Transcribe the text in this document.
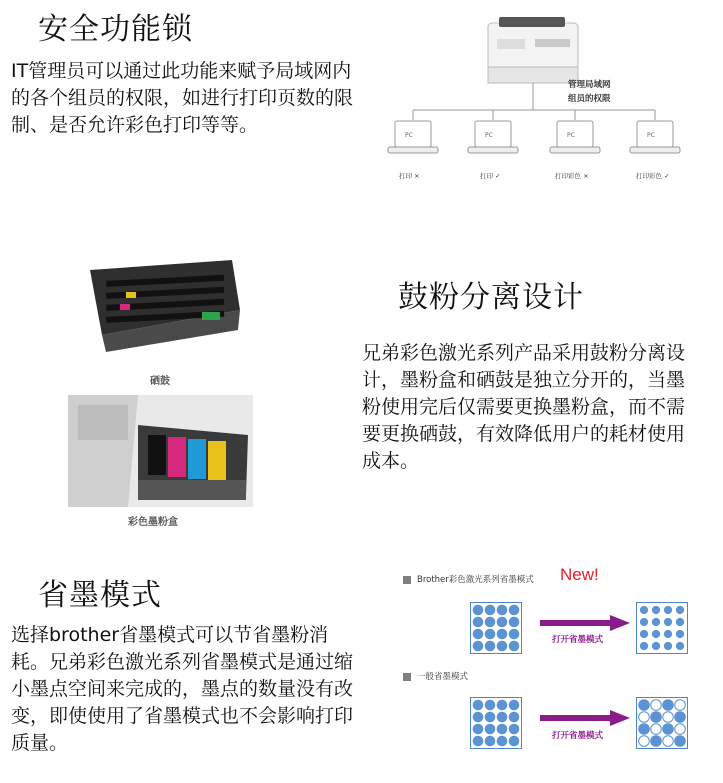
安全功能锁
IT管理员可以通过此功能来赋予局域网内的各个组员的权限，如进行打印页数的限制、是否允许彩色打印等等。
管理局域网
组员的权限
PC	PC	PC	PC
打印 ×	打印 ✓	打印彩色 ×	打印彩色 ✓
硒鼓
彩色墨粉盒
鼓粉分离设计
兄弟彩色激光系列产品采用鼓粉分离设计，墨粉盒和硒鼓是独立分开的，当墨粉使用完后仅需要更换墨粉盒，而不需要更换硒鼓，有效降低用户的耗材使用成本。
省墨模式
选择brother省墨模式可以节省墨粉消耗。兄弟彩色激光系列省墨模式是通过缩小墨点空间来完成的，墨点的数量没有改变，即使使用了省墨模式也不会影响打印质量。
Brother彩色激光系列省墨模式 New!
打开省墨模式
一般省墨模式
打开省墨模式
